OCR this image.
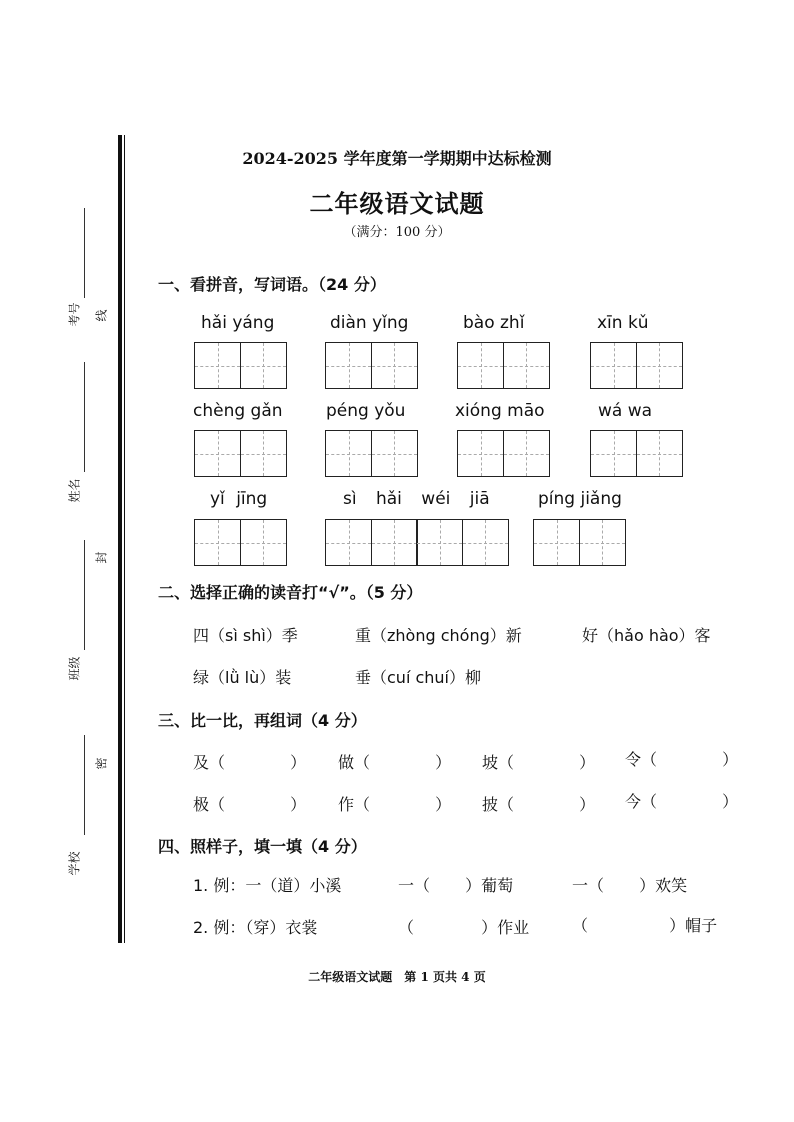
考号 线
姓名
封
班级
密
学校
2024-2025 学年度第一学期期中达标检测
二年级语文试题
（满分：100 分）
一、看拼音，写词语。（24 分）
hǎi yáng	diàn yǐng	bào zhǐ	xīn kǔ
chèng gǎn	péng yǒu	xióng māo	wá wa
yǐ jīng	sì hǎi wéi jiā	píng jiǎng
二、选择正确的读音打“√”。（5 分）
四（sì shì）季	重（zhòng chóng）新	好（hǎo hào）客
绿（lǜ lù）装	垂（cuí chuí）柳
三、比一比，再组词（4 分）
及（ ） 做（ ） 坡（ ） 令（ ）
极（ ） 作（ ） 披（ ） 今（ ）
四、照样子，填一填（4 分）
1. 例：一（道）小溪	一（ ）葡萄	一（ ）欢笑
2. 例：（穿）衣裳	（ ）作业	（ ）帽子
二年级语文试题　第 1 页共 4 页
